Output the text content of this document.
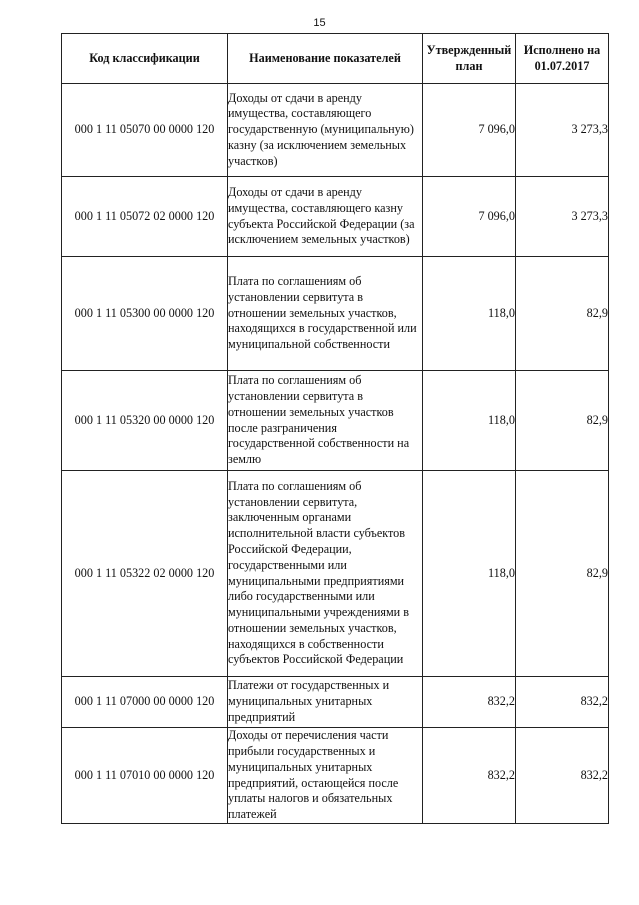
15
Код классификации	Наименование показателей	Утвержденный план	Исполнено на 01.07.2017
000 1 11 05070 00 0000 120	Доходы от сдачи в аренду имущества, составляющего государственную (муниципальную) казну (за исключением земельных участков)	7 096,0	3 273,3
000 1 11 05072 02 0000 120	Доходы от сдачи в аренду имущества, составляющего казну субъекта Российской Федерации (за исключением земельных участков)	7 096,0	3 273,3
000 1 11 05300 00 0000 120	Плата по соглашениям об установлении сервитута в отношении земельных участков, находящихся в государственной или муниципальной собственности	118,0	82,9
000 1 11 05320 00 0000 120	Плата по соглашениям об установлении сервитута в отношении земельных участков после разграничения государственной собственности на землю	118,0	82,9
000 1 11 05322 02 0000 120	Плата по соглашениям об установлении сервитута, заключенным органами исполнительной власти субъектов Российской Федерации, государственными или муниципальными предприятиями либо государственными или муниципальными учреждениями в отношении земельных участков, находящихся в собственности субъектов Российской Федерации	118,0	82,9
000 1 11 07000 00 0000 120	Платежи от государственных и муниципальных унитарных предприятий	832,2	832,2
000 1 11 07010 00 0000 120	Доходы от перечисления части прибыли государственных и муниципальных унитарных предприятий, остающейся после уплаты налогов и обязательных платежей	832,2	832,2
